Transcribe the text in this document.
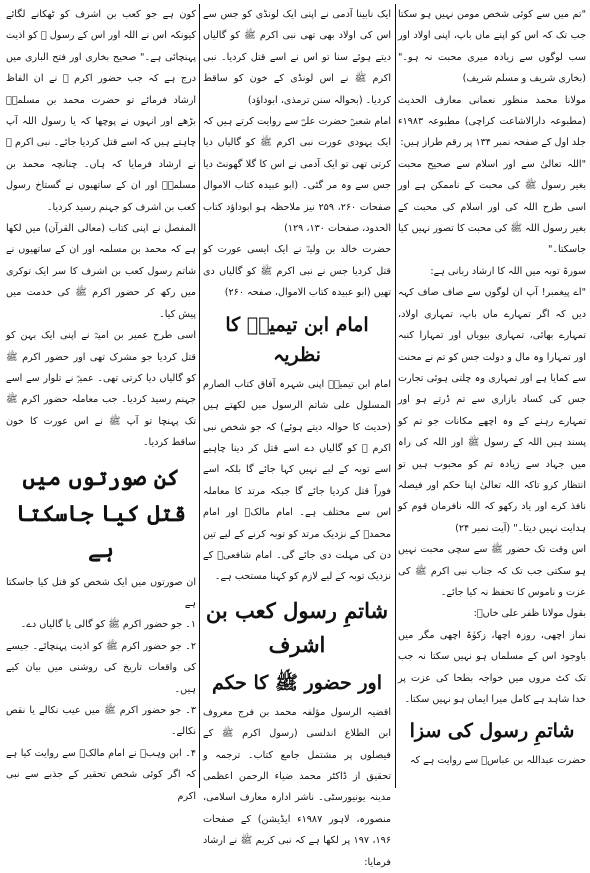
"تم میں سے کوئی شخص مومن نہیں ہو سکتا جب تک کہ اس کو اپنے ماں باپ، اپنی اولاد اور سب لوگوں سے زیادہ میری محبت نہ ہو۔" (بخاری شریف و مسلم شریف)

مولانا محمد منظور نعمانی معارف الحدیث (مطبوعہ دارالاشاعت کراچی) مطبوعہ ۱۹۸۳ء جلد اول کے صفحہ نمبر ۱۳۴ پر رقم طراز ہیں:

"اللہ تعالیٰ سے اور اسلام سے صحیح محبت بغیر رسول ﷺ کی محبت کے ناممکن ہے اور اسی طرح اللہ کی اور اسلام کی محبت کے بغیر رسول اللہ ﷺ کی محبت کا تصور نہیں کیا جاسکتا۔"

سورۃ توبہ میں اللہ کا ارشاد ربانی ہے:

"اے پیغمبر! آپ ان لوگوں سے صاف صاف کہہ دیں کہ اگر تمہارے ماں باپ، تمہاری اولاد، تمہارے بھائی، تمہاری بیویاں اور تمہارا کنبہ اور تمہارا وہ مال و دولت جس کو تم نے محنت سے کمایا ہے اور تمہاری وہ چلتی ہوئی تجارت جس کی کساد بازاری سے تم ڈرتے ہو اور تمہارے رہنے کے وہ اچھے مکانات جو تم کو پسند ہیں اللہ کے رسول ﷺ اور اللہ کی راہ میں جہاد سے زیادہ تم کو محبوب ہیں تو انتظار کرو تاکہ اللہ تعالیٰ اپنا حکم اور فیصلہ نافذ کرے اور یاد رکھو کہ اللہ نافرمان قوم کو ہدایت نہیں دیتا۔" (آیت نمبر ۲۴)

اس وقت تک حضور ﷺ سے سچی محبت نہیں ہو سکتی جب تک کہ جناب نبی اکرم ﷺ کی عزت و ناموس کا تحفظ نہ کیا جائے۔

بقول مولانا ظفر علی خاںؒ:

نماز اچھی، روزہ اچھا، زکوٰۃ اچھی مگر میں باوجود اس کے مسلماں ہو نہیں سکتا نہ جب تک کٹ مروں میں خواجہ بطحا کی عزت پر خدا شاہد ہے کامل میرا ایماں ہو نہیں سکتا۔

شاتمِ رسول کی سزا

حضرت عبداللہ بن عباسؓ سے روایت ہے کہ

ایک نابینا آدمی نے اپنی ایک لونڈی کو جس سے اس کی اولاد بھی تھی نبی اکرم ﷺ کو گالیاں دیتے ہوئے سنا تو اس نے اسے قتل کردیا۔ نبی اکرم ﷺ نے اس لونڈی کے خون کو ساقط کردیا۔ (بحوالہ سنن ترمذی، ابوداؤد)

امام شعبیؒ حضرت علیؓ سے روایت کرتے ہیں کہ ایک یہودی عورت نبی اکرم ﷺ کو گالیاں دیا کرتی تھی تو ایک آدمی نے اس کا گلا گھونٹ دیا جس سے وہ مر گئی۔ (ابو عبیدہ کتاب الاموال صفحات ۲۶۰، ۲۵۹ نیز ملاحظہ ہو ابوداؤد کتاب الحدود، صفحات ۱۳۰، ۱۲۹)

حضرت خالد بن ولیدؓ نے ایک ایسی عورت کو قتل کردیا جس نے نبی اکرم ﷺ کو گالیاں دی تھیں (ابو عبیدہ کتاب الاموال، صفحہ ۲۶۰)

امام ابن تیمیہؒ کا نظریہ

امام ابن تیمیہؒ اپنی شہرہ آفاق کتاب الصارم المسلول علی شاتم الرسول میں لکھتے ہیں (حدیث کا حوالہ دیتے ہوئے) کہ جو شخص نبی اکرم ﷺ کو گالیاں دے اسے قتل کر دینا چاہیے اسے توبہ کے لیے نہیں کہا جائے گا بلکہ اسے فوراً قتل کردیا جائے گا جبکہ مرتد کا معاملہ اس سے مختلف ہے۔ امام مالکؒ اور امام محمدؒ کے نزدیک مرتد کو توبہ کرنے کے لیے تین دن کی مہلت دی جائے گی۔ امام شافعیؒ کے نزدیک توبہ کے لیے لازم کو کہنا مستحب ہے۔

شاتمِ رسول کعب بن اشرف
اور حضور ﷺ کا حکم

اقضیہ الرسول مؤلفہ محمد بن فرج معروف ابن الطلاع اندلسی (رسول اکرم ﷺ کے فیصلوں پر مشتمل جامع کتاب۔ ترجمہ و تحقیق از ڈاکٹر محمد ضیاء الرحمن اعظمی مدینہ یونیورسٹی۔ ناشر ادارہ معارف اسلامی، منصورہ، لاہور ۱۹۸۷ء ایڈیشن) کے صفحات ۱۹۶، ۱۹۷ پر لکھا ہے کہ نبی کریم ﷺ نے ارشاد فرمایا:

کون ہے جو کعب بن اشرف کو ٹھکانے لگائے کیونکہ اس نے اللہ اور اس کے رسول ﷺ کو اذیت پہنچائی ہے۔" صحیح بخاری اور فتح الباری میں درج ہے کہ جب حضور اکرم ﷺ نے ان الفاظ ارشاد فرمائے تو حضرت محمد بن مسلمہؓ بڑھے اور انہوں نے پوچھا کہ یا رسول اللہ آپ چاہتے ہیں کہ اسے قتل کردیا جائے۔ نبی اکرم ﷺ نے ارشاد فرمایا کہ ہاں۔ چنانچہ محمد بن مسلمہؓ اور ان کے ساتھیوں نے گستاخ رسول کعب بن اشرف کو جہنم رسید کردیا۔

المفصل نے اپنی کتاب (معالی القرآن) میں لکھا ہے کہ محمد بن مسلمہ اور ان کے ساتھیوں نے شاتم رسول کعب بن اشرف کا سر ایک توکری میں رکھ کر حضور اکرم ﷺ کی خدمت میں پیش کیا۔

اسی طرح عمیر بن امیہؓ نے اپنی ایک بہن کو قتل کردیا جو مشرک تھی اور حضور اکرم ﷺ کو گالیاں دیا کرتی تھی۔ عمیرؓ نے تلوار سے اسے جہنم رسید کردیا۔ جب معاملہ حضور اکرم ﷺ تک پہنچا تو آپ ﷺ نے اس عورت کا خون ساقط کردیا۔

کن صورتوں میں قتل کیا جاسکتا ہے

ان صورتوں میں ایک شخص کو قتل کیا جاسکتا ہے

۱۔ جو حضور اکرم ﷺ کو گالی یا گالیاں دے۔

۲۔ جو حضور اکرم ﷺ کو اذیت پہنچائے۔ جیسے کی واقعات تاریخ کی روشنی میں بیان کیے ہیں۔

۳۔ جو حضور اکرم ﷺ میں عیب نکالے یا نقص نکالے۔

۴۔ ابن وہبؒ نے امام مالکؒ سے روایت کیا ہے کہ اگر کوئی شخص تحقیر کے جذبے سے نبی اکرم
